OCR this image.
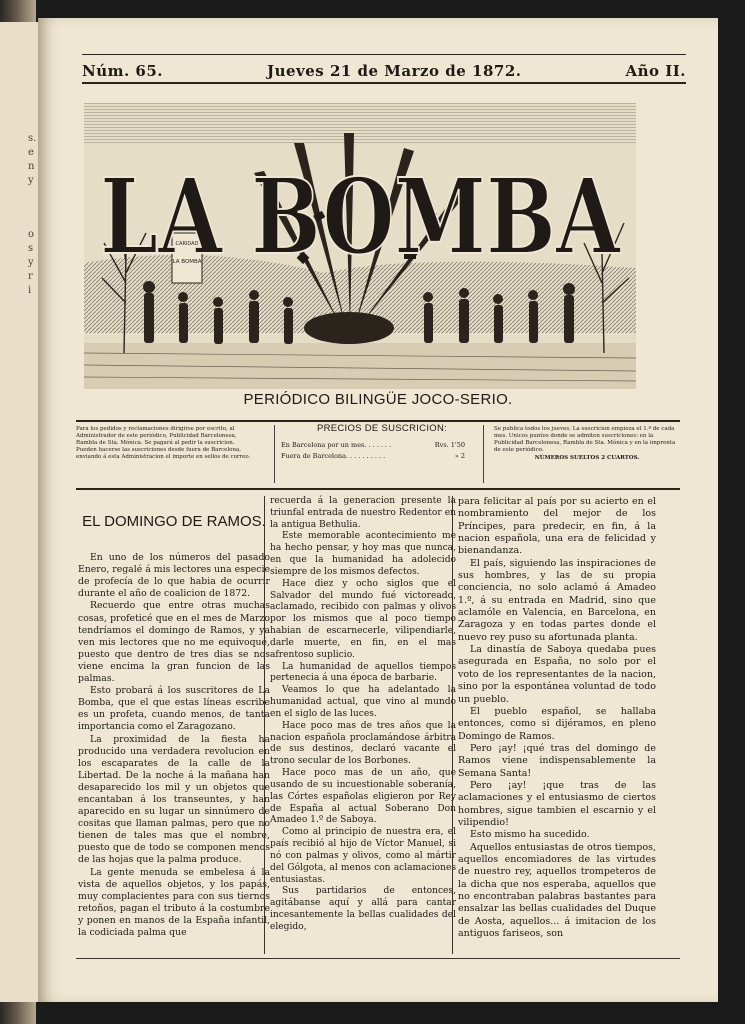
s.
e
n
y
o
s
y
r
i
Núm. 65.	Jueves 21 de Marzo de 1872.	Año II.
CARIDAD
LA BOMBA
LA BOMBA
PERIÓDICO BILINGÜE JOCO-SERIO.
Para los pedidos y reclamaciones dirigirse por escrito, al Administrador de este periódico, Publicidad Barcelonesa, Rambla de Sta. Mónica. Se pagará al pedir la suscricion. Pueden hacerse las suscriciones desde fuera de Barcelona, enviando á esta Administracion el importe en sellos de correo.
PRECIOS DE SUSCRICION:
En Barcelona por un mes. . . . . . .	Rvs. 1'50
Fuera de Barcelona. . . . . . . . . .	» 2
Se publica todos los jueves. La suscricion empieza el 1.º de cada mes. Unicos puntos donde se admiten suscriciones: en la Publicidad Barcelonesa, Rambla de Sta. Mónica y en la imprenta de este periódico.
NÚMEROS SUELTOS 2 CUARTOS.
EL DOMINGO DE RAMOS.

En uno de los números del pasado Enero, regalé á mis lectores una especie de profecía de lo que habia de ocurrir durante el año de coalicion de 1872.

Recuerdo que entre otras muchas cosas, profeticé que en el mes de Marzo tendríamos el domingo de Ramos, y ya ven mis lectores que no me equivoqué, puesto que dentro de tres dias se nos viene encima la gran funcion de las palmas.

Esto probará á los suscritores de La Bomba, que el que estas líneas escribe es un profeta, cuando menos, de tanta importancia como el Zaragozano.

La proximidad de la fiesta ha producido una verdadera revolucion en los escaparates de la calle de la Libertad. De la noche á la mañana han desaparecido los mil y un objetos que encantaban á los transeuntes, y han aparecido en su lugar un sinnúmero de cositas que llaman palmas, pero que no tienen de tales mas que el nombre, puesto que de todo se componen menos de las hojas que la palma produce.

La gente menuda se embelesa á la vista de aquellos objetos, y los papás, muy complacientes para con sus tiernos retoños, pagan el tributo á la costumbre y ponen en manos de la España infantil, la codiciada palma que

recuerda á la generacion presente la triunfal entrada de nuestro Redentor en la antigua Bethulia.

Este memorable acontecimiento me ha hecho pensar, y hoy mas que nunca, en que la humanidad ha adolecido siempre de los mismos defectos.

Hace diez y ocho siglos que el Salvador del mundo fué victoreado, aclamado, recibido con palmas y olivos por los mismos que al poco tiempo habian de escarnecerle, vilipendiarle, darle muerte, en fin, en el mas afrentoso suplicio.

La humanidad de aquellos tiempos pertenecia á una época de barbarie.

Veamos lo que ha adelantado la humanidad actual, que vino al mundo en el siglo de las luces.

Hace poco mas de tres años que la nacion española proclamándose árbitra de sus destinos, declaró vacante el trono secular de los Borbones.

Hace poco mas de un año, que usando de su incuestionable soberanía, las Córtes españolas eligieron por Rey de España al actual Soberano Don Amadeo 1.º de Saboya.

Como al principio de nuestra era, el país recibió al hijo de Víctor Manuel, si nó con palmas y olivos, como al mártir del Gólgota, al menos con aclamaciones entusiastas.

Sus partidarios de entonces, agitábanse aquí y allá para cantar incesantemente la bellas cualidades del elegido,

para felicitar al país por su acierto en el nombramiento del mejor de los Príncipes, para predecir, en fin, á la nacion española, una era de felicidad y bienandanza.

El país, siguiendo las inspiraciones de sus hombres, y las de su propia conciencia, no solo aclamó á Amadeo 1.º, á su entrada en Madrid, sino que aclamóle en Valencia, en Barcelona, en Zaragoza y en todas partes donde el nuevo rey puso su afortunada planta.

La dinastía de Saboya quedaba pues asegurada en España, no solo por el voto de los representantes de la nacion, sino por la espontánea voluntad de todo un pueblo.

El pueblo español, se hallaba entonces, como si dijéramos, en pleno Domingo de Ramos.

Pero ¡ay! ¡qué tras del domingo de Ramos viene indispensablemente la Semana Santa!

Pero ¡ay! ¡que tras de las aclamaciones y el entusiasmo de ciertos hombres, sigue tambien el escarnio y el vilipendio!

Esto mismo ha sucedido.

Aquellos entusiastas de otros tiempos, aquellos encomiadores de las virtudes de nuestro rey, aquellos trompeteros de la dicha que nos esperaba, aquellos que no encontraban palabras bastantes para ensalzar las bellas cualidades del Duque de Aosta, aquellos... á imitacion de los antiguos fariseos, son
